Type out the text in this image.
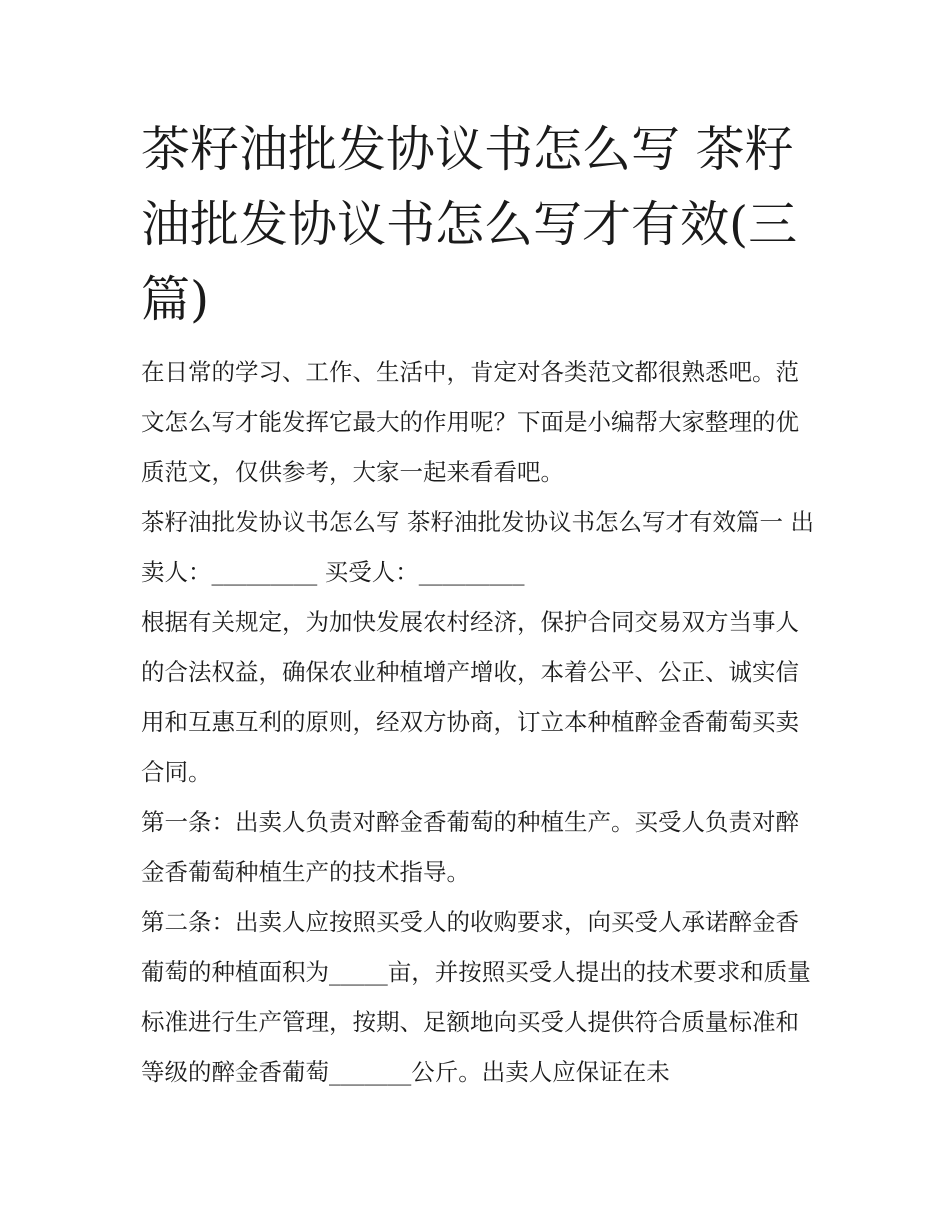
茶籽油批发协议书怎么写 茶籽油批发协议书怎么写才有效(三篇)

在日常的学习、工作、生活中，肯定对各类范文都很熟悉吧。范文怎么写才能发挥它最大的作用呢？下面是小编帮大家整理的优质范文，仅供参考，大家一起来看看吧。

茶籽油批发协议书怎么写 茶籽油批发协议书怎么写才有效篇一 出卖人：_________ 买受人：_________

根据有关规定，为加快发展农村经济，保护合同交易双方当事人的合法权益，确保农业种植增产增收，本着公平、公正、诚实信用和互惠互利的原则，经双方协商，订立本种植醉金香葡萄买卖合同。

第一条：出卖人负责对醉金香葡萄的种植生产。买受人负责对醉金香葡萄种植生产的技术指导。

第二条：出卖人应按照买受人的收购要求，向买受人承诺醉金香葡萄的种植面积为_____亩，并按照买受人提出的技术要求和质量标准进行生产管理，按期、足额地向买受人提供符合质量标准和等级的醉金香葡萄_______公斤。出卖人应保证在未
